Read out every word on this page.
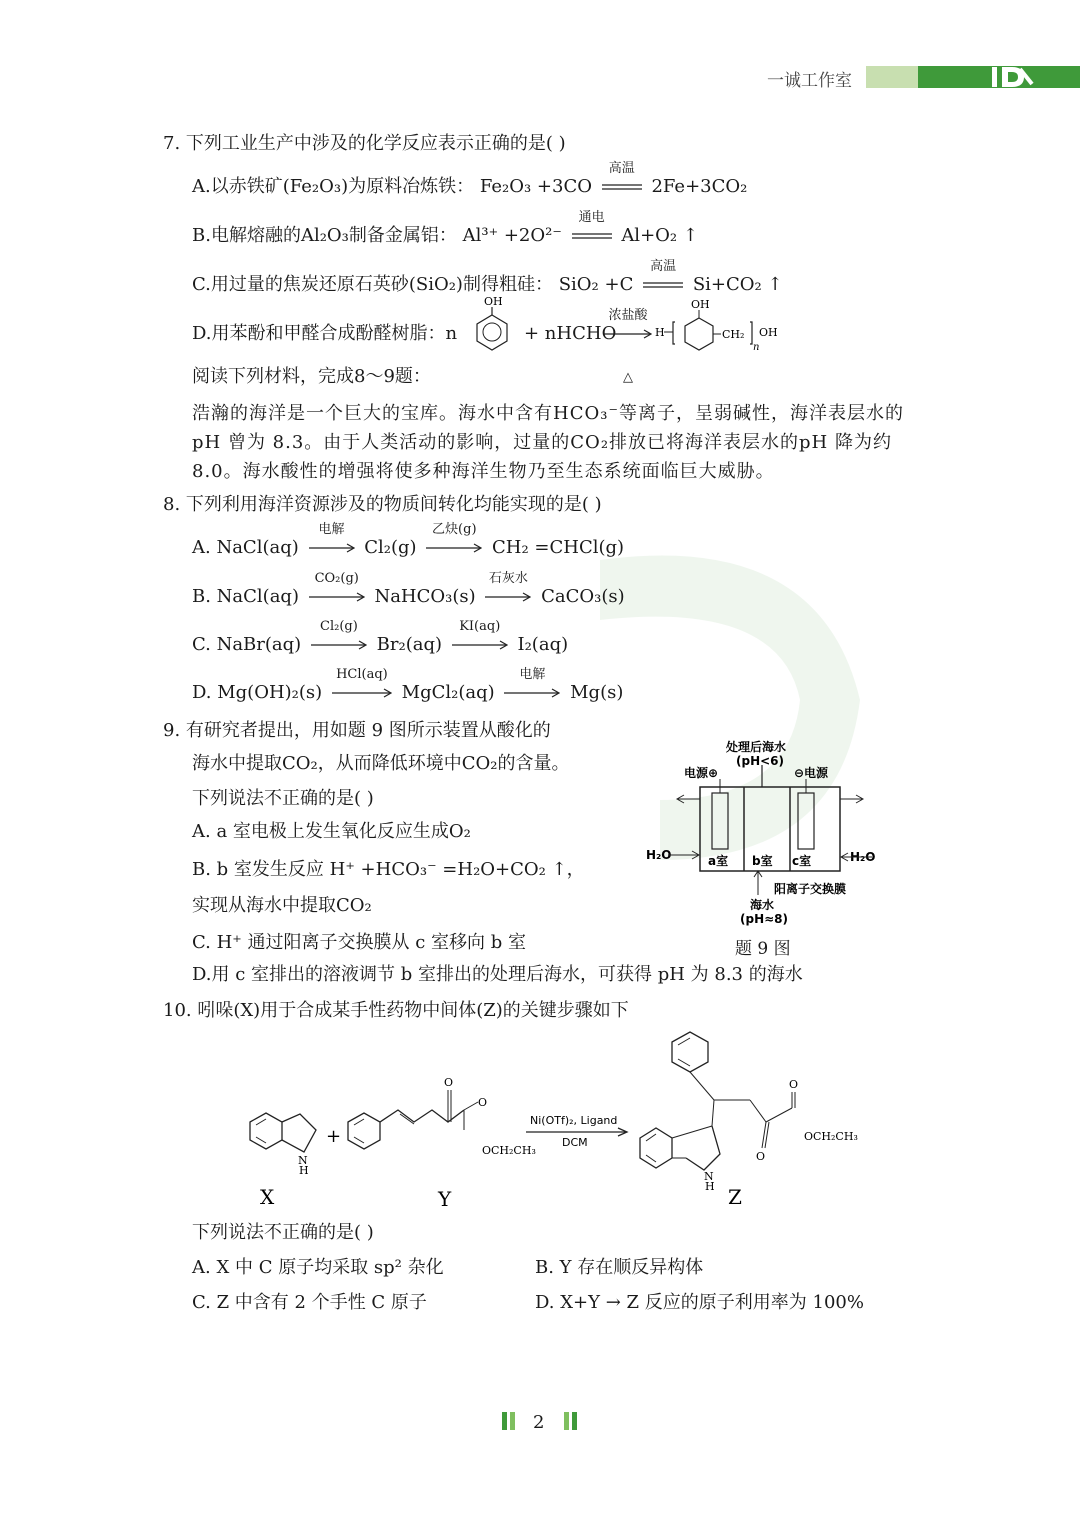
一诚工作室
7. 下列工业生产中涉及的化学反应表示正确的是( )
A.以赤铁矿(Fe₂O₃)为原料冶炼铁： Fe₂O₃ +3CO
高温
2Fe+3CO₂
B.电解熔融的Al₂O₃制备金属铝： Al³⁺ +2O²⁻
通电
Al+O₂ ↑
C.用过量的焦炭还原石英砂(SiO₂)制得粗硅： SiO₂ +C
高温
Si+CO₂ ↑
D.用苯酚和甲醛合成酚醛树脂：n
OH
+ nHCHO
浓盐酸
△
H
OH
CH₂
n
OH
阅读下列材料，完成8～9题：
浩瀚的海洋是一个巨大的宝库。海水中含有HCO₃⁻等离子，呈弱碱性，海洋表层水的
pH 曾为 8.3。由于人类活动的影响，过量的CO₂排放已将海洋表层水的pH 降为约
8.0。海水酸性的增强将使多种海洋生物乃至生态系统面临巨大威胁。
8. 下列利用海洋资源涉及的物质间转化均能实现的是( )
A. NaCl(aq)
电解
Cl₂(g)
乙炔(g)
CH₂ =CHCl(g)
B. NaCl(aq)
CO₂(g)
NaHCO₃(s)
石灰水
CaCO₃(s)
C. NaBr(aq)
Cl₂(g)
Br₂(aq)
KI(aq)
I₂(aq)
D. Mg(OH)₂(s)
HCl(aq)
MgCl₂(aq)
电解
Mg(s)
9. 有研究者提出，用如题 9 图所示装置从酸化的
海水中提取CO₂，从而降低环境中CO₂的含量。
下列说法不正确的是( )
A. a 室电极上发生氧化反应生成O₂
B. b 室发生反应 H⁺ +HCO₃⁻ =H₂O+CO₂ ↑，
实现从海水中提取CO₂
C. H⁺ 通过阳离子交换膜从 c 室移向 b 室
D.用 c 室排出的溶液调节 b 室排出的处理后海水，可获得 pH 为 8.3 的海水
处理后海水
(pH<6)
电源⊕	⊖电源
H₂O	H₂O
a室 b室 c室
阳离子交换膜
海水
(pH≈8)
题 9 图
10. 吲哚(X)用于合成某手性药物中间体(Z)的关键步骤如下
N
H
+
O
O
OCH₂CH₃
Ni(OTf)₂, Ligand
DCM
O
O
OCH₂CH₃
N
H
X	Y	Z
下列说法不正确的是( )
A. X 中 C 原子均采取 sp² 杂化	B. Y 存在顺反异构体
C. Z 中含有 2 个手性 C 原子	D. X+Y → Z 反应的原子利用率为 100%
2
